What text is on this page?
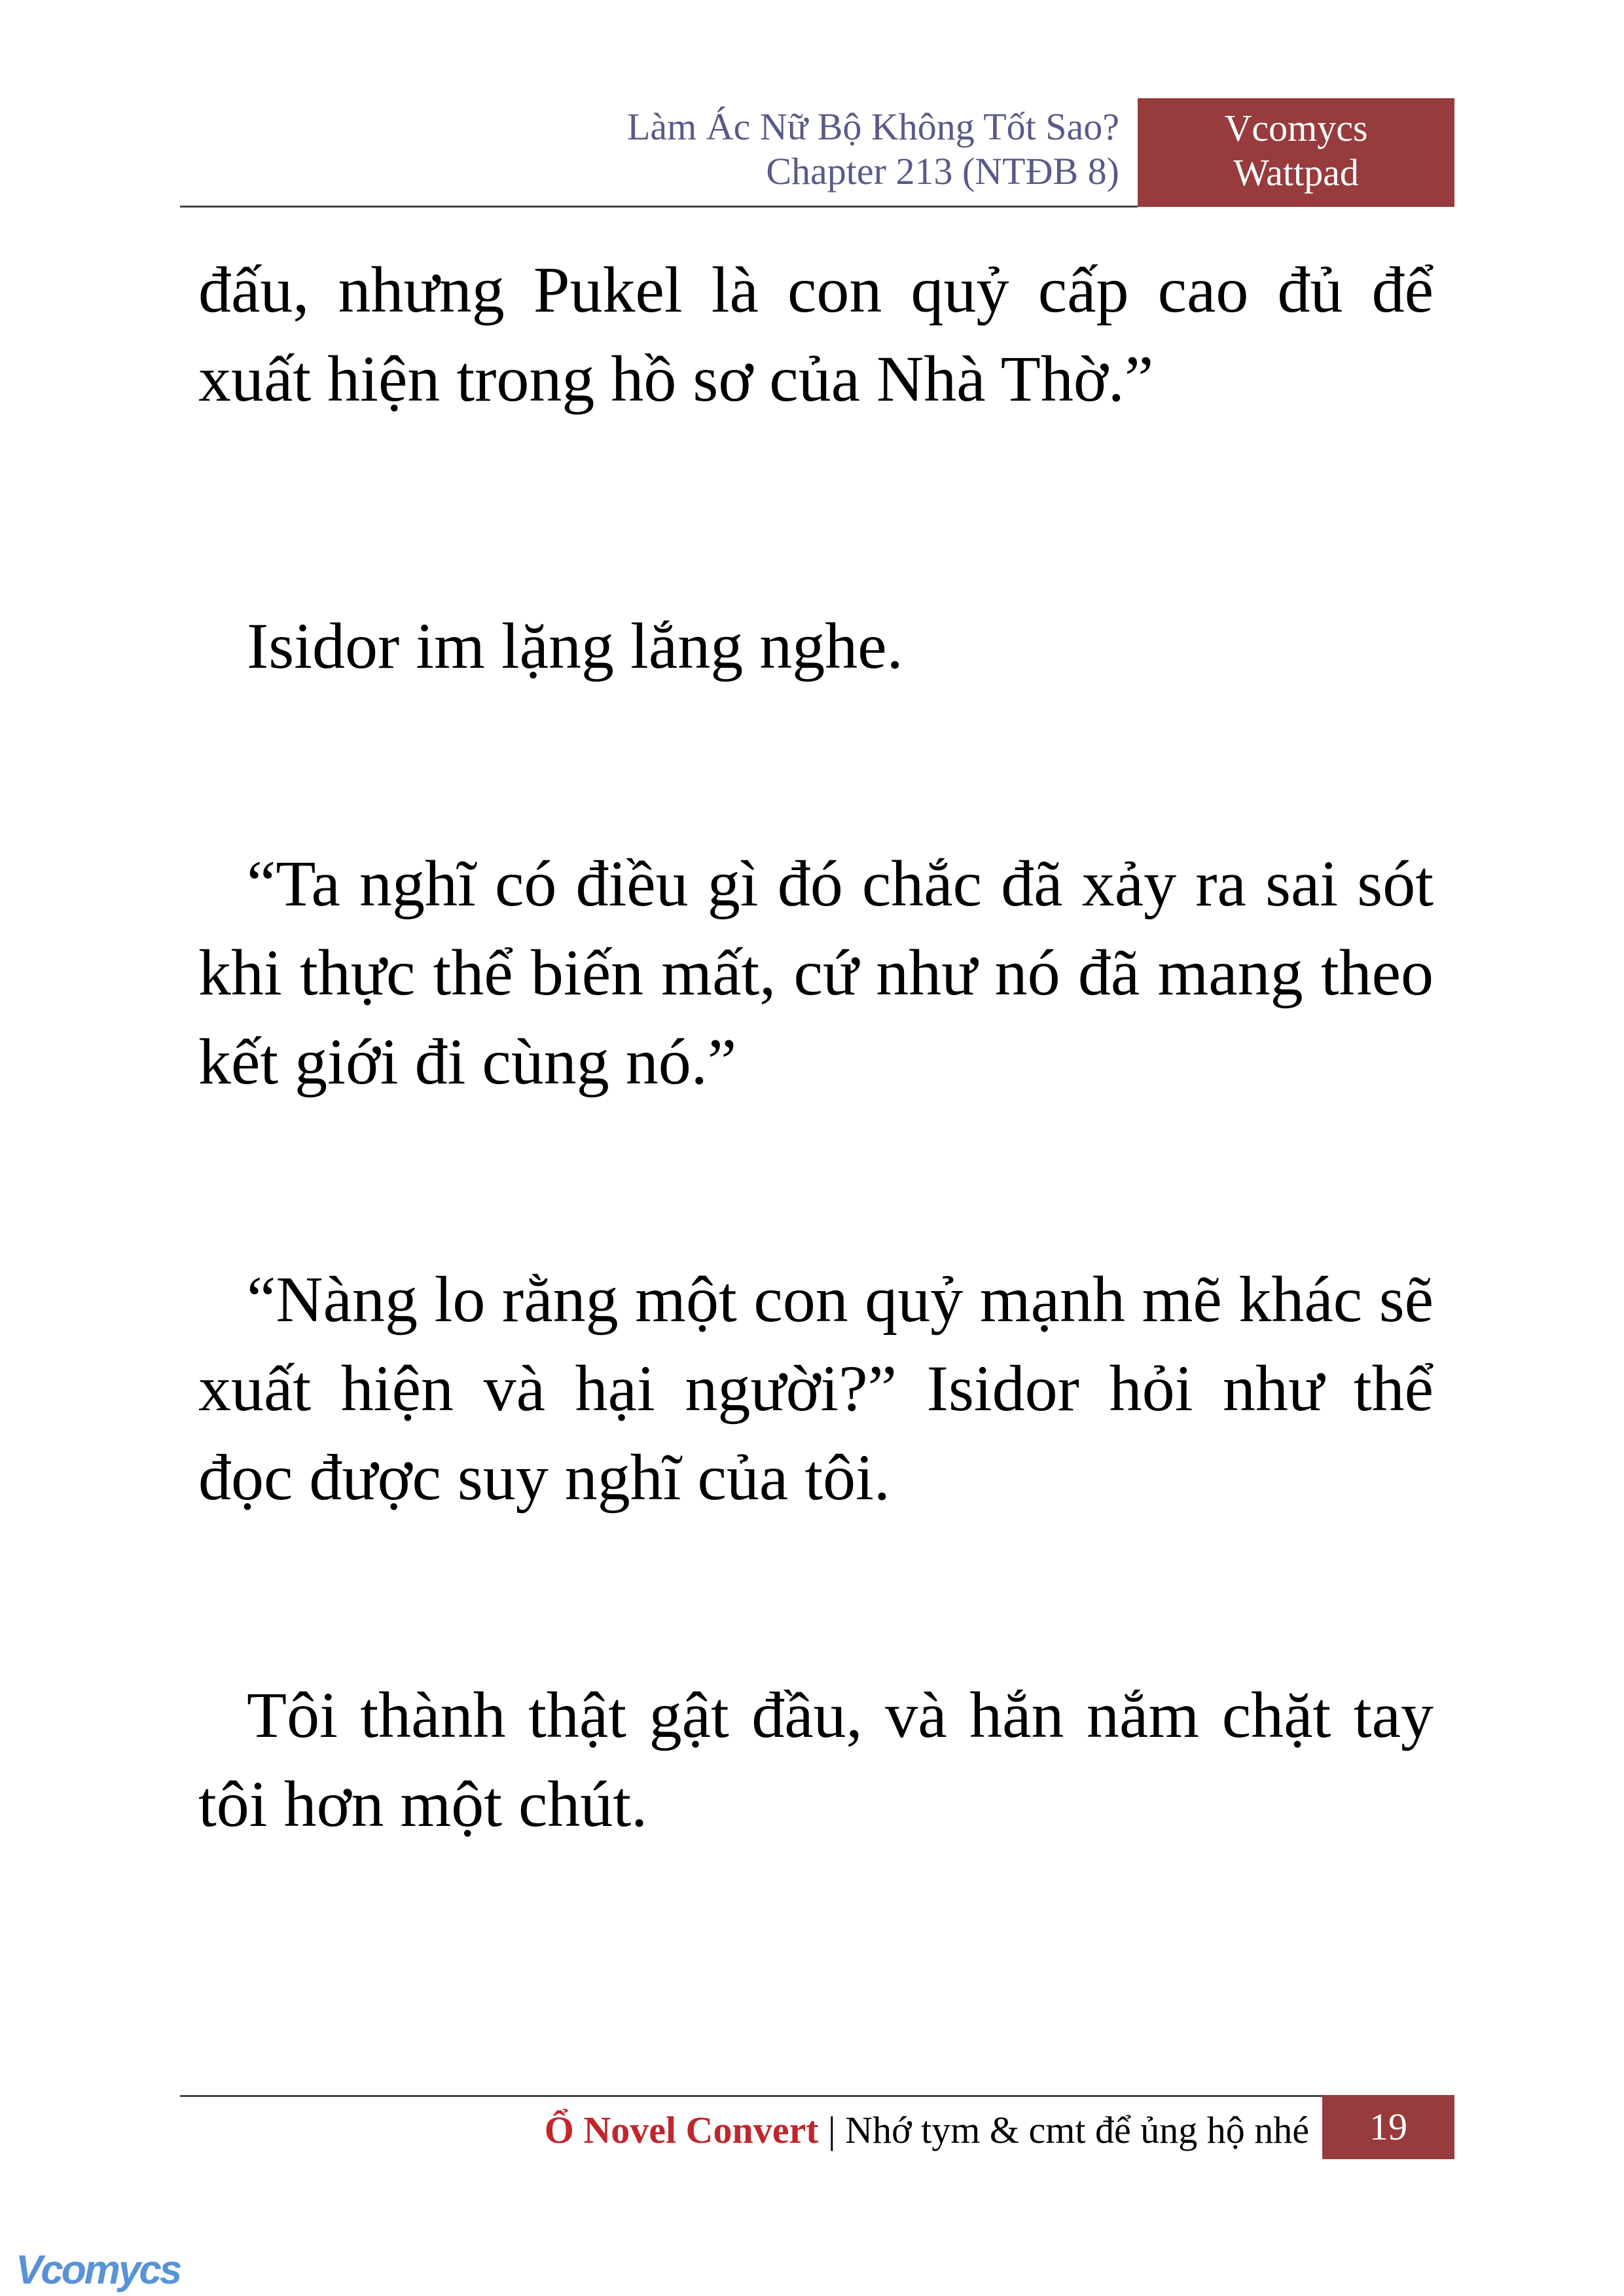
Làm Ác Nữ Bộ Không Tốt Sao?
Chapter 213 (NTĐB 8)
Vcomycs
Wattpad

đấu, nhưng Pukel là con quỷ cấp cao đủ để xuất hiện trong hồ sơ của Nhà Thờ.”

Isidor im lặng lắng nghe.

“Ta nghĩ có điều gì đó chắc đã xảy ra sai sót khi thực thể biến mất, cứ như nó đã mang theo kết giới đi cùng nó.”

“Nàng lo rằng một con quỷ mạnh mẽ khác sẽ xuất hiện và hại người?” Isidor hỏi như thể đọc được suy nghĩ của tôi.

Tôi thành thật gật đầu, và hắn nắm chặt tay tôi hơn một chút.

Ổ Novel Convert | Nhớ tym & cmt để ủng hộ nhé	19
Vcomycs
